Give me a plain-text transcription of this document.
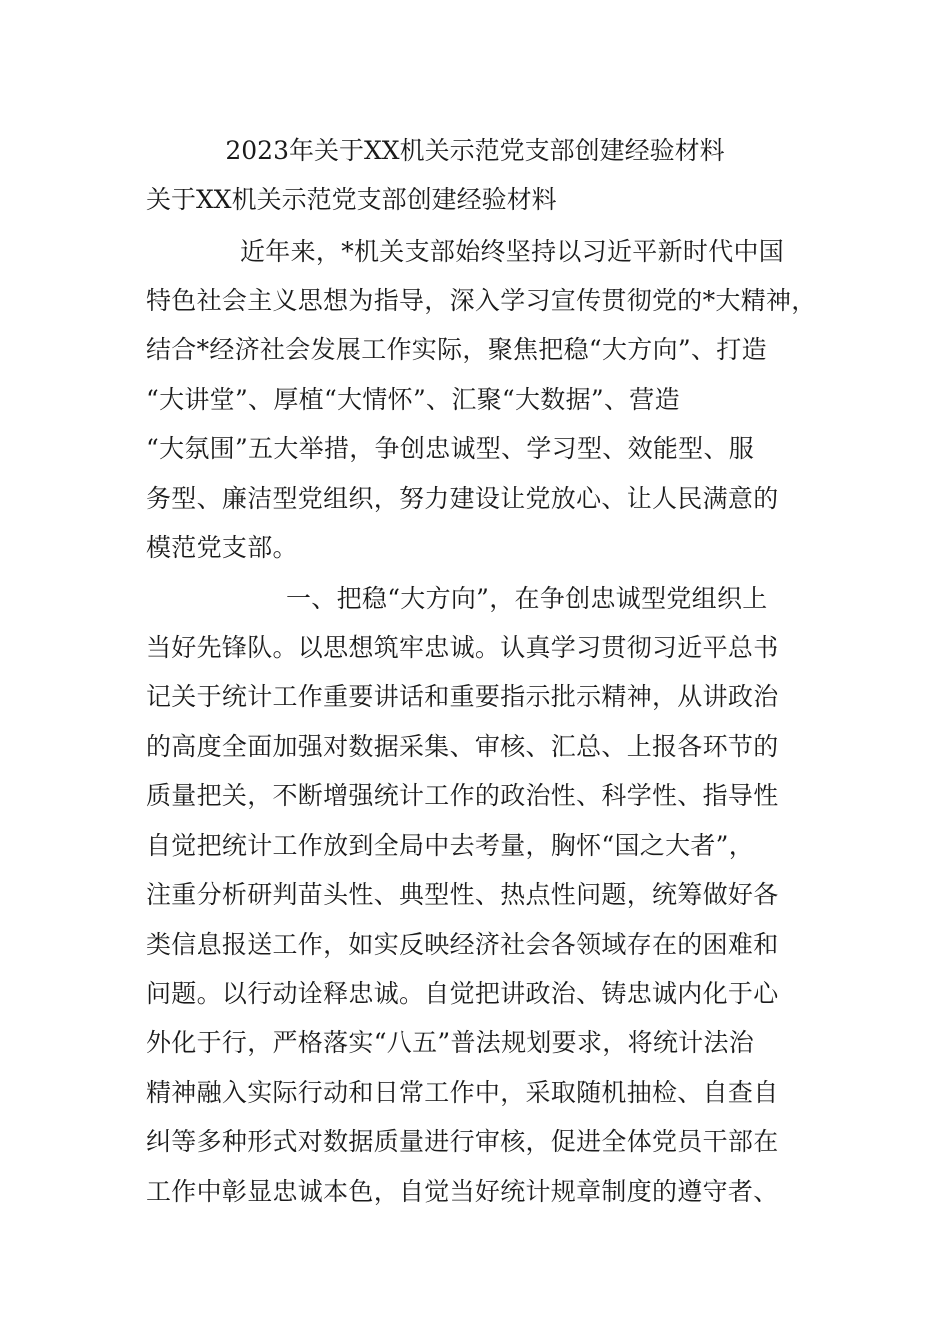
2023年关于XX机关示范党支部创建经验材料
关于XX机关示范党支部创建经验材料
近年来，*机关支部始终坚持以习近平新时代中国
特色社会主义思想为指导，深入学习宣传贯彻党的*大精神，
结合*经济社会发展工作实际，聚焦把稳“大方向”、打造
“大讲堂”、厚植“大情怀”、汇聚“大数据”、营造
“大氛围”五大举措，争创忠诚型、学习型、效能型、服
务型、廉洁型党组织，努力建设让党放心、让人民满意的
模范党支部。
一、把稳“大方向”，在争创忠诚型党组织上
当好先锋队。以思想筑牢忠诚。认真学习贯彻习近平总书
记关于统计工作重要讲话和重要指示批示精神，从讲政治
的高度全面加强对数据采集、审核、汇总、上报各环节的
质量把关，不断增强统计工作的政治性、科学性、指导性
自觉把统计工作放到全局中去考量，胸怀“国之大者”，
注重分析研判苗头性、典型性、热点性问题，统筹做好各
类信息报送工作，如实反映经济社会各领域存在的困难和
问题。以行动诠释忠诚。自觉把讲政治、铸忠诚内化于心
外化于行，严格落实“八五”普法规划要求，将统计法治
精神融入实际行动和日常工作中，采取随机抽检、自查自
纠等多种形式对数据质量进行审核，促进全体党员干部在
工作中彰显忠诚本色，自觉当好统计规章制度的遵守者、
